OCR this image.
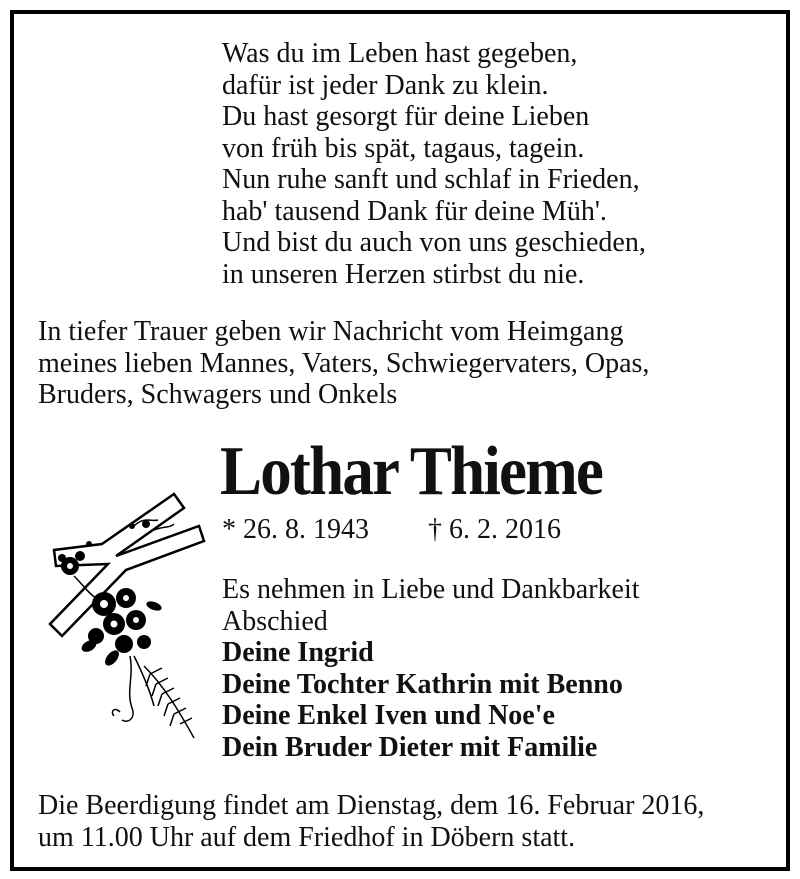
Was du im Leben hast gegeben,
dafür ist jeder Dank zu klein.
Du hast gesorgt für deine Lieben
von früh bis spät, tagaus, tagein.
Nun ruhe sanft und schlaf in Frieden,
hab' tausend Dank für deine Müh'.
Und bist du auch von uns geschieden,
in unseren Herzen stirbst du nie.
In tiefer Trauer geben wir Nachricht vom Heimgang
meines lieben Mannes, Vaters, Schwiegervaters, Opas,
Bruders, Schwagers und Onkels
Lothar Thieme
* 26. 8. 1943 † 6. 2. 2016
Es nehmen in Liebe und Dankbarkeit
Abschied
Deine Ingrid
Deine Tochter Kathrin mit Benno
Deine Enkel Iven und Noe'e
Dein Bruder Dieter mit Familie
Die Beerdigung findet am Dienstag, dem 16. Februar 2016,
um 11.00 Uhr auf dem Friedhof in Döbern statt.
